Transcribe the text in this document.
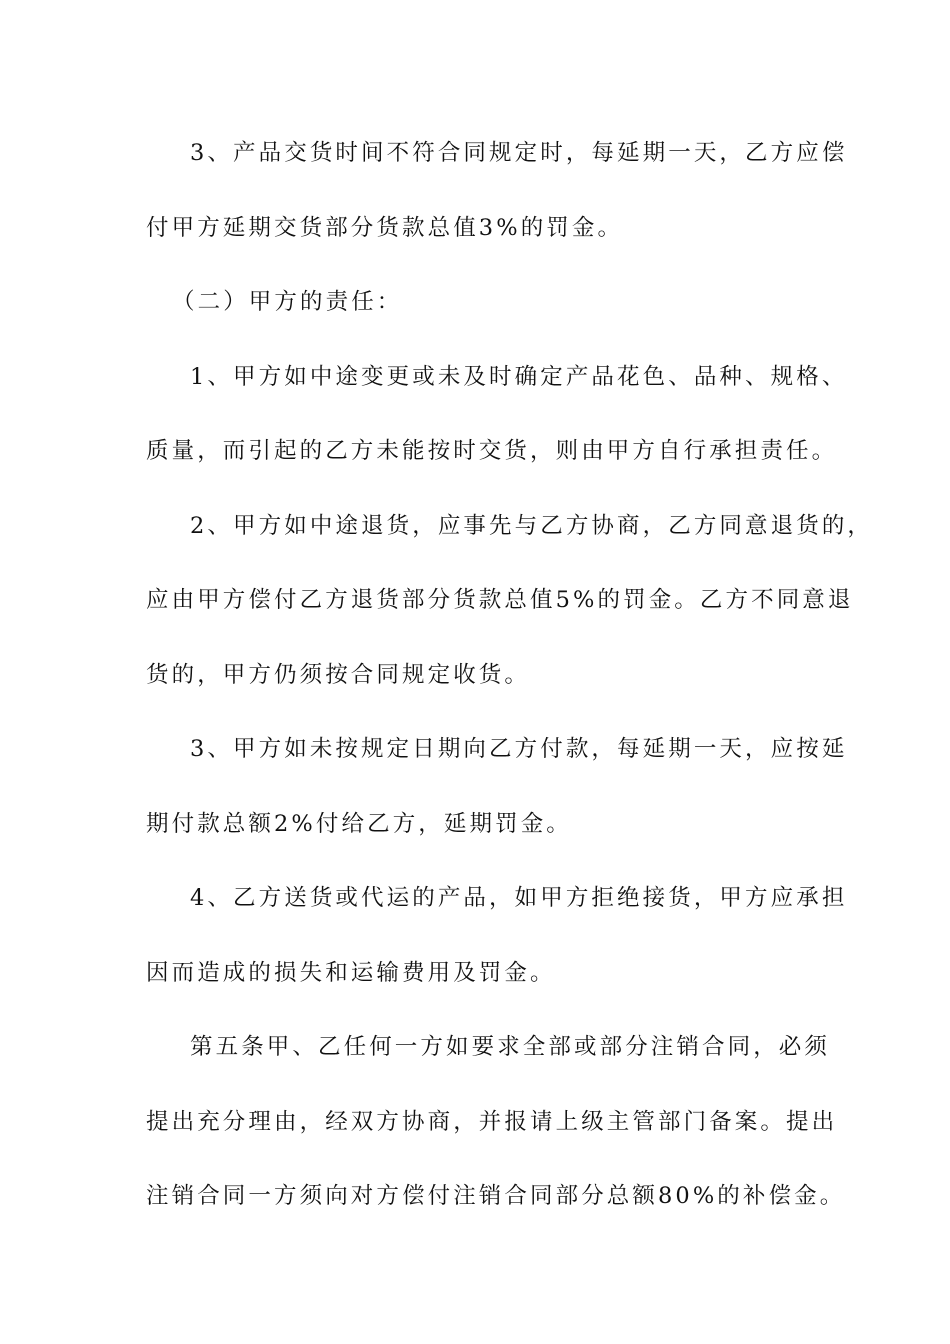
3、产品交货时间不符合同规定时，每延期一天，乙方应偿
付甲方延期交货部分货款总值3%的罚金。
（二）甲方的责任：
1、甲方如中途变更或未及时确定产品花色、品种、规格、
质量，而引起的乙方未能按时交货，则由甲方自行承担责任。
2、甲方如中途退货，应事先与乙方协商，乙方同意退货的，
应由甲方偿付乙方退货部分货款总值5%的罚金。乙方不同意退
货的，甲方仍须按合同规定收货。
3、甲方如未按规定日期向乙方付款，每延期一天，应按延
期付款总额2%付给乙方，延期罚金。
4、乙方送货或代运的产品，如甲方拒绝接货，甲方应承担
因而造成的损失和运输费用及罚金。
第五条甲、乙任何一方如要求全部或部分注销合同，必须
提出充分理由，经双方协商，并报请上级主管部门备案。提出
注销合同一方须向对方偿付注销合同部分总额80%的补偿金。
